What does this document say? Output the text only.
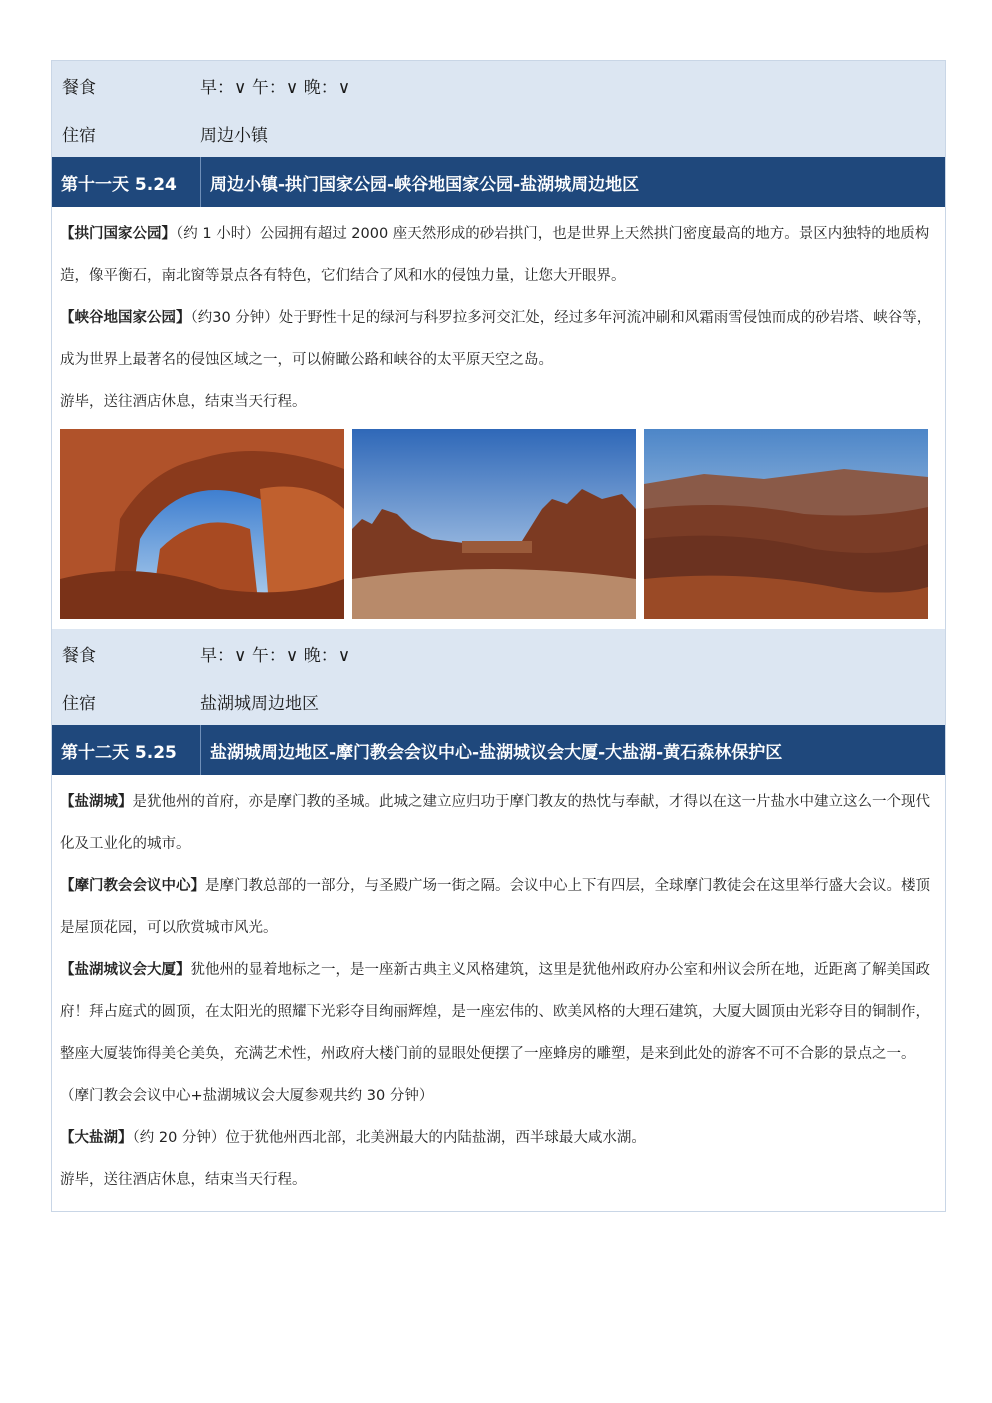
餐食	早：∨ 午：∨ 晚：∨
住宿	周边小镇
第十一天 5.24	周边小镇-拱门国家公园-峡谷地国家公园-盐湖城周边地区

【拱门国家公园】（约 1 小时）公园拥有超过 2000 座天然形成的砂岩拱门，也是世界上天然拱门密度最高的地方。景区内独特的地质构造，像平衡石，南北窗等景点各有特色，它们结合了风和水的侵蚀力量，让您大开眼界。

【峡谷地国家公园】（约30 分钟）处于野性十足的绿河与科罗拉多河交汇处，经过多年河流冲刷和风霜雨雪侵蚀而成的砂岩塔、峡谷等，成为世界上最著名的侵蚀区域之一，可以俯瞰公路和峡谷的太平原天空之岛。

游毕，送往酒店休息，结束当天行程。

餐食	早：∨ 午：∨ 晚：∨
住宿	盐湖城周边地区
第十二天 5.25	盐湖城周边地区-摩门教会会议中心-盐湖城议会大厦-大盐湖-黄石森林保护区

【盐湖城】是犹他州的首府，亦是摩门教的圣城。此城之建立应归功于摩门教友的热忱与奉献，才得以在这一片盐水中建立这么一个现代化及工业化的城市。

【摩门教会会议中心】是摩门教总部的一部分，与圣殿广场一街之隔。会议中心上下有四层，全球摩门教徒会在这里举行盛大会议。楼顶是屋顶花园，可以欣赏城市风光。

【盐湖城议会大厦】犹他州的显着地标之一，是一座新古典主义风格建筑，这里是犹他州政府办公室和州议会所在地，近距离了解美国政府！拜占庭式的圆顶，在太阳光的照耀下光彩夺目绚丽辉煌，是一座宏伟的、欧美风格的大理石建筑，大厦大圆顶由光彩夺目的铜制作，整座大厦装饰得美仑美奂，充满艺术性，州政府大楼门前的显眼处便摆了一座蜂房的雕塑，是来到此处的游客不可不合影的景点之一。

（摩门教会会议中心+盐湖城议会大厦参观共约 30 分钟）

【大盐湖】（约 20 分钟）位于犹他州西北部，北美洲最大的内陆盐湖，西半球最大咸水湖。

游毕，送往酒店休息，结束当天行程。
